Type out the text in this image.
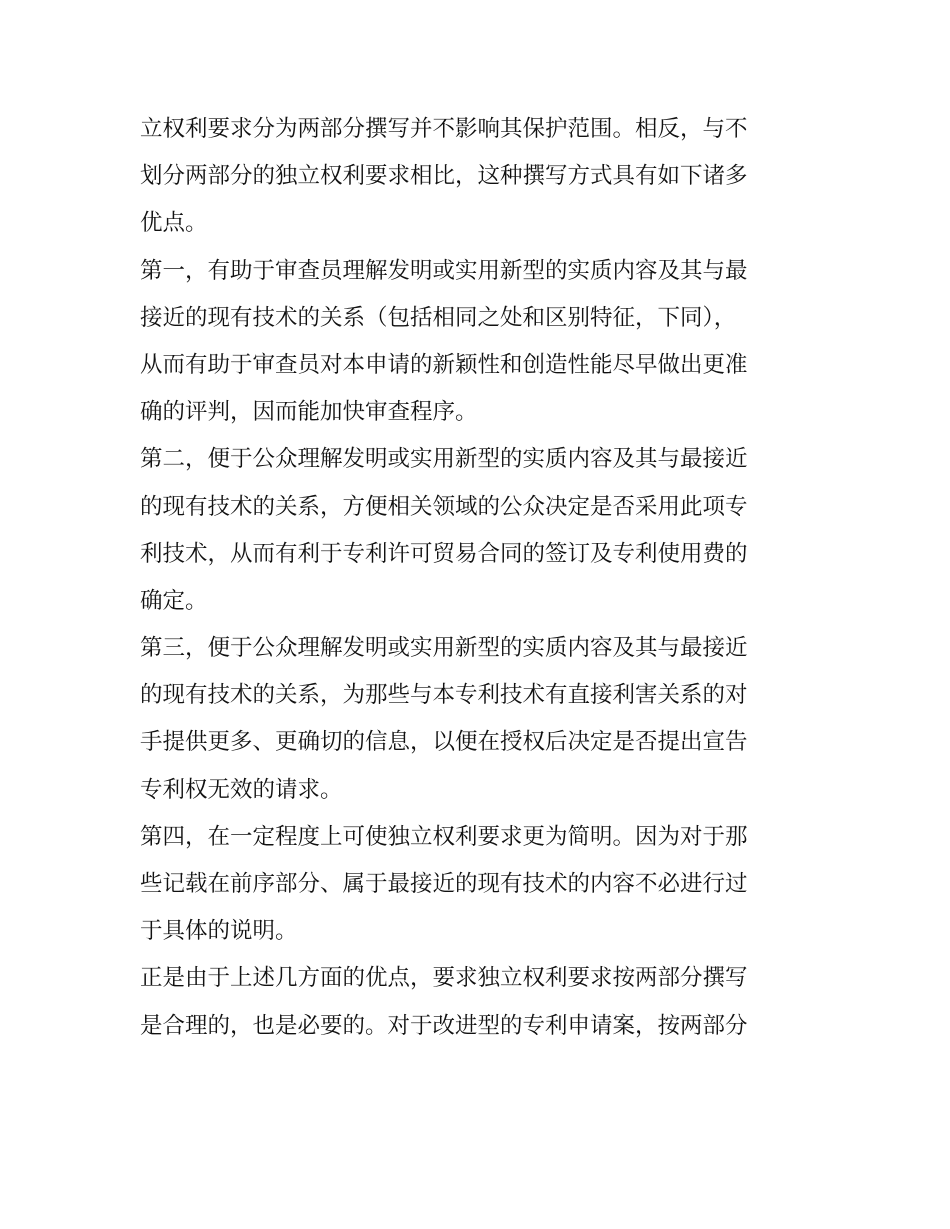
立权利要求分为两部分撰写并不影响其保护范围。相反，与不
划分两部分的独立权利要求相比，这种撰写方式具有如下诸多
优点。
第一，有助于审查员理解发明或实用新型的实质内容及其与最
接近的现有技术的关系（包括相同之处和区别特征，下同），
从而有助于审查员对本申请的新颖性和创造性能尽早做出更准
确的评判，因而能加快审查程序。
第二，便于公众理解发明或实用新型的实质内容及其与最接近
的现有技术的关系，方便相关领域的公众决定是否采用此项专
利技术，从而有利于专利许可贸易合同的签订及专利使用费的
确定。
第三，便于公众理解发明或实用新型的实质内容及其与最接近
的现有技术的关系，为那些与本专利技术有直接利害关系的对
手提供更多、更确切的信息，以便在授权后决定是否提出宣告
专利权无效的请求。
第四，在一定程度上可使独立权利要求更为简明。因为对于那
些记载在前序部分、属于最接近的现有技术的内容不必进行过
于具体的说明。
正是由于上述几方面的优点，要求独立权利要求按两部分撰写
是合理的，也是必要的。对于改进型的专利申请案，按两部分
